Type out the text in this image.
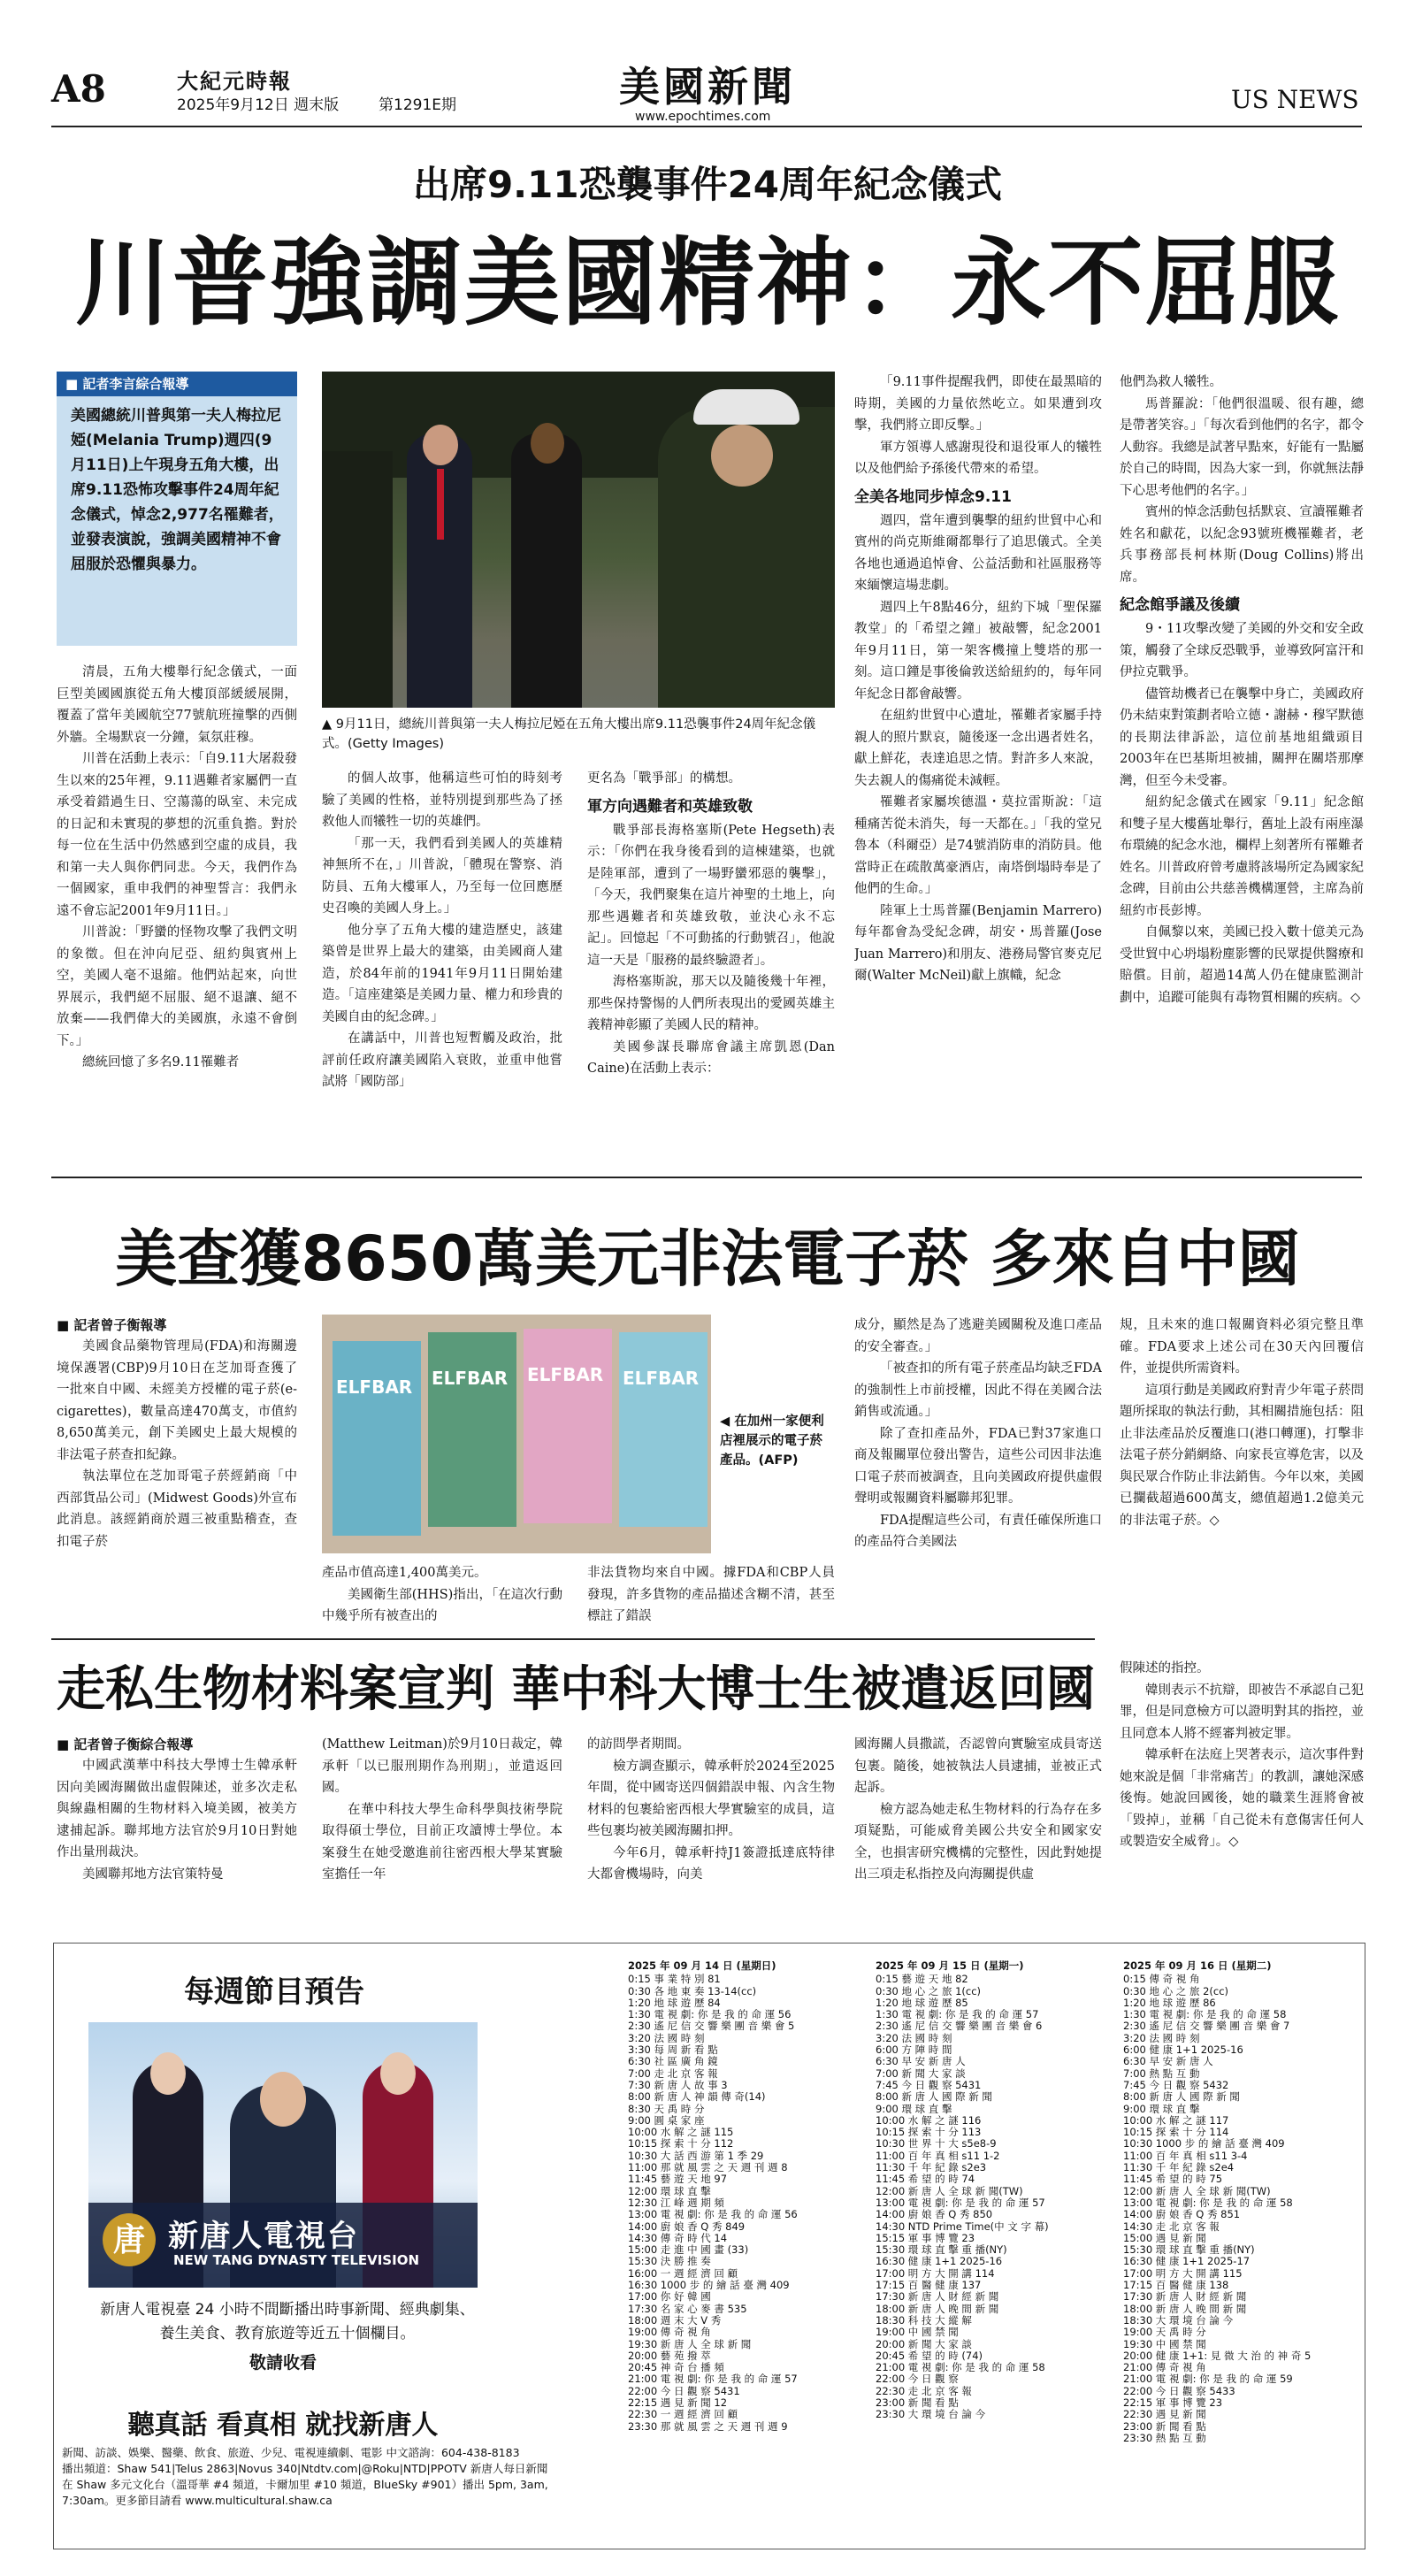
A8	大紀元時報
2025年9月12日 週末版	第1291E期	美國新聞
www.epochtimes.com
US NEWS
出席9.11恐襲事件24周年紀念儀式
川普強調美國精神：永不屈服
■ 記者李言綜合報導
美國總統川普與第一夫人梅拉尼婭(Melania Trump)週四(9月11日)上午現身五角大樓，出席9.11恐怖攻擊事件24周年紀念儀式，悼念2,977名罹難者，並發表演說，強調美國精神不會屈服於恐懼與暴力。
▲ 9月11日，總統川普與第一夫人梅拉尼婭在五角大樓出席9.11恐襲事件24周年紀念儀式。(Getty Images)

清晨，五角大樓舉行紀念儀式，一面巨型美國國旗從五角大樓頂部緩緩展開，覆蓋了當年美國航空77號航班撞擊的西側外牆。全場默哀一分鐘，氣氛莊穆。

川普在活動上表示：「自9.11大屠殺發生以來的25年裡，9.11遇難者家屬們一直承受着錯過生日、空蕩蕩的臥室、未完成的日記和未實現的夢想的沉重負擔。對於每一位在生活中仍然感到空虛的成員，我和第一夫人與你們同悲。今天，我們作為一個國家，重申我們的神聖誓言：我們永遠不會忘記2001年9月11日。」

川普說：「野蠻的怪物攻擊了我們文明的象徵。但在沖向尼亞、紐約與賓州上空，美國人毫不退縮。他們站起來，向世界展示，我們絕不屈服、絕不退讓、絕不放棄——我們偉大的美國旗，永遠不會倒下。」

總統回憶了多名9.11罹難者

的個人故事，他稱這些可怕的時刻考驗了美國的性格，並特別提到那些為了拯救他人而犧牲一切的英雄們。

「那一天，我們看到美國人的英雄精神無所不在，」川普說，「體現在警察、消防員、五角大樓軍人，乃至每一位回應歷史召喚的美國人身上。」

他分享了五角大樓的建造歷史，該建築曾是世界上最大的建築，由美國商人建造，於84年前的1941年9月11日開始建造。「這座建築是美國力量、權力和珍貴的美國自由的紀念碑。」

在講話中，川普也短暫觸及政治，批評前任政府讓美國陷入衰敗，並重申他嘗試將「國防部」

更名為「戰爭部」的構想。

軍方向遇難者和英雄致敬

戰爭部長海格塞斯(Pete Hegseth)表示：「你們在我身後看到的這棟建築，也就是陸軍部，遭到了一場野蠻邪惡的襲擊」，「今天，我們聚集在這片神聖的土地上，向那些遇難者和英雄致敬，並決心永不忘記」。回憶起「不可動搖的行動號召」，他說這一天是「服務的最終驗證者」。

海格塞斯說，那天以及隨後幾十年裡，那些保持警惕的人們所表現出的愛國英雄主義精神彰顯了美國人民的精神。

美國參謀長聯席會議主席凱恩(Dan Caine)在活動上表示：

「9.11事件提醒我們，即使在最黑暗的時期，美國的力量依然屹立。如果遭到攻擊，我們將立即反擊。」

軍方領導人感謝現役和退役軍人的犧牲以及他們給予孫後代帶來的希望。

全美各地同步悼念9.11

週四，當年遭到襲擊的紐約世貿中心和賓州的尚克斯維爾都舉行了追思儀式。全美各地也通過追悼會、公益活動和社區服務等來緬懷這場悲劇。

週四上午8點46分，紐約下城「聖保羅教堂」的「希望之鐘」被敲響，紀念2001年9月11日，第一架客機撞上雙塔的那一刻。這口鐘是事後倫敦送給紐約的，每年同年紀念日都會敲響。

在紐約世貿中心遺址，罹難者家屬手持親人的照片默哀，隨後逐一念出遇者姓名，獻上鮮花，表達追思之情。對許多人來說，失去親人的傷痛從未減輕。

罹難者家屬埃德溫・莫拉雷斯說：「這種痛苦從未消失，每一天都在。」「我的堂兄魯本（科爾亞）是74號消防車的消防員。他當時正在疏散萬豪酒店，南塔倒塌時奉是了他們的生命。」

陸軍上士馬普羅(Benjamin Marrero)每年都會為受紀念碑，胡安・馬普羅(Jose Juan Marrero)和朋友、港務局警官麥克尼爾(Walter McNeil)獻上旗幟，紀念

他們為救人犧牲。

馬普羅說：「他們很溫暖、很有趣，總是帶著笑容。」「每次看到他們的名字，都令人動容。我總是試著早點來，好能有一點屬於自己的時間，因為大家一到，你就無法靜下心思考他們的名字。」

賓州的悼念活動包括默哀、宣讀罹難者姓名和獻花，以紀念93號班機罹難者，老兵事務部長柯林斯(Doug Collins)將出席。

紀念館爭議及後續

9・11攻擊改變了美國的外交和安全政策，觸發了全球反恐戰爭，並導致阿富汗和伊拉克戰爭。

儘管劫機者已在襲擊中身亡，美國政府仍未結束對策劃者哈立德・謝赫・穆罕默德的長期法律訴訟，這位前基地組織頭目2003年在巴基斯坦被捕，關押在關塔那摩灣，但至今未受審。

紐約紀念儀式在國家「9.11」紀念館和雙子星大樓舊址舉行，舊址上設有兩座瀑布環繞的紀念水池，欄桿上刻著所有罹難者姓名。川普政府曾考慮將該場所定為國家紀念碑，目前由公共慈善機構運營，主席為前紐約市長彭博。

自佩黎以來，美國已投入數十億美元為受世貿中心坍塌粉塵影響的民眾提供醫療和賠償。目前，超過14萬人仍在健康監測計劃中，追蹤可能與有毒物質相關的疾病。◇

美查獲8650萬美元非法電子菸 多來自中國
■ 記者曾子衡報導

美國食品藥物管理局(FDA)和海關邊境保護署(CBP)9月10日在芝加哥查獲了一批來自中國、未經美方授權的電子菸(e-cigarettes)，數量高達470萬支，市值約8,650萬美元，創下美國史上最大規模的非法電子菸查扣紀錄。

執法單位在芝加哥電子菸經銷商「中西部貨品公司」(Midwest Goods)外宣布此消息。該經銷商於週三被重點稽查，查扣電子菸

ELFBAR	ELFBAR	ELFBAR	ELFBAR
◀ 在加州一家便利店裡展示的電子菸產品。(AFP)

產品市值高達1,400萬美元。

美國衛生部(HHS)指出，「在這次行動中幾乎所有被查出的

非法貨物均來自中國。據FDA和CBP人員發現，許多貨物的產品描述含糊不清，甚至標註了錯誤

成分，顯然是為了逃避美國關稅及進口產品的安全審查。」

「被查扣的所有電子菸產品均缺乏FDA的強制性上市前授權，因此不得在美國合法銷售或流通。」

除了查扣產品外，FDA已對37家進口商及報關單位發出警告，這些公司因非法進口電子菸而被調查，且向美國政府提供虛假聲明或報關資料屬聯邦犯罪。

FDA提醒這些公司，有責任確保所進口的產品符合美國法

規，且未來的進口報關資料必須完整且準確。FDA要求上述公司在30天內回覆信件，並提供所需資料。

這項行動是美國政府對青少年電子菸問題所採取的執法行動，其相關措施包括：阻止非法產品於反覆進口(港口轉運)，打擊非法電子菸分銷網絡、向家長宣導危害，以及與民眾合作防止非法銷售。今年以來，美國已攔截超過600萬支，總值超過1.2億美元的非法電子菸。◇

走私生物材料案宣判 華中科大博士生被遣返回國
■ 記者曾子衡綜合報導

中國武漢華中科技大學博士生韓承軒因向美國海關做出虛假陳述，並多次走私與線蟲相關的生物材料入境美國，被美方逮捕起訴。聯邦地方法官於9月10日對她作出量刑裁決。

美國聯邦地方法官策特曼

(Matthew Leitman)於9月10日裁定，韓承軒「以已服刑期作為刑期」，並遣返回國。

在華中科技大學生命科學與技術學院取得碩士學位，目前正攻讀博士學位。本案發生在她受邀進前往密西根大學某實驗室擔任一年

的訪問學者期間。

檢方調查顯示，韓承軒於2024至2025年間，從中國寄送四個錯誤申報、內含生物材料的包裹給密西根大學實驗室的成員，這些包裹均被美國海關扣押。

今年6月，韓承軒持J1簽證抵達底特律大都會機場時，向美

國海關人員撒謊，否認曾向實驗室成員寄送包裹。隨後，她被執法人員逮捕，並被正式起訴。

檢方認為她走私生物材料的行為存在多項疑點，可能威脅美國公共安全和國家安全，也損害研究機構的完整性，因此對她提出三項走私指控及向海關提供虛

假陳述的指控。

韓則表示不抗辯，即被告不承認自己犯罪，但是同意檢方可以證明對其的指控，並且同意本人將不經審判被定罪。

韓承軒在法庭上哭著表示，這次事件對她來說是個「非常痛苦」的教訓，讓她深感後悔。她說回國後，她的職業生涯將會被「毀掉」，並稱「自己從未有意傷害任何人或製造安全威脅」。◇

每週節目預告
唐 新唐人電視台
NEW TANG DYNASTY TELEVISION
新唐人電視臺 24 小時不間斷播出時事新聞、經典劇集、養生美食、教育旅遊等近五十個欄目。
敬請收看
聽真話 看真相 就找新唐人
新聞、訪談、娛樂、醫藥、飲食、旅遊、少兒、電視連續劇、電影 中文諮詢：604-438-8183
播出頻道：Shaw 541|Telus 2863|Novus 340|Ntdtv.com|@Roku|NTD|PPOTV 新唐人每日新聞
在 Shaw 多元文化台（溫哥華 #4 頻道，卡爾加里 #10 頻道，BlueSky #901）播出 5pm, 3am,
7:30am。更多節目請看 www.multicultural.shaw.ca
2025 年 09 月 14 日 (星期日)
0:15 事 業 特 別 81
0:30 各 地 東 奏 13-14(cc)
1:20 地 球 遊 歷 84
1:30 電 視 劇: 你 是 我 的 命 運 56
2:30 遙 尼 信 交 響 樂 團 音 樂 會 5
3:20 法 國 時 刻
3:30 每 周 新 看 點
6:30 社 區 廣 角 鏡
7:00 走 北 京 客 報
7:30 新 唐 人 故 事 3
8:00 新 唐 人 神 韻 傳 奇(14)
8:30 天 禹 時 分
9:00 圓 桌 家 座
10:00 水 解 之 謎 115
10:15 探 索 十 分 112
10:30 大 話 西 游 第 1 季 29
11:00 那 就 風 雲 之 天 週 刊 週 8
11:45 藝 遊 天 地 97
12:00 環 球 直 擊
12:30 江 峰 週 期 頻
13:00 電 視 劇: 你 是 我 的 命 運 56
14:00 廚 娘 香 Q 秀 849
14:30 傳 奇 時 代 14
15:00 走 進 中 國 畫 (33)
15:30 決 勝 推 奏
16:00 一 週 經 濟 回 顧
16:30 1000 步 的 繪 話 臺 灣 409
17:00 你 好 韓 國
17:30 名 家 心 麥 書 535
18:00 週 末 大 V 秀
19:00 傳 奇 視 角
19:30 新 唐 人 全 球 新 聞
20:00 藝 苑 撥 萃
20:45 神 奇 台 播 頻
21:00 電 視 劇: 你 是 我 的 命 運 57
22:00 今 日 觀 察 5431
22:15 遇 見 新 聞 12
22:30 一 週 經 濟 回 顧
23:30 那 就 風 雲 之 天 週 刊 週 9
2025 年 09 月 15 日 (星期一)
0:15 藝 遊 天 地 82
0:30 地 心 之 旅 1(cc)
1:20 地 球 遊 歷 85
1:30 電 視 劇: 你 是 我 的 命 運 57
2:30 遙 尼 信 交 響 樂 團 音 樂 會 6
3:20 法 國 時 刻
6:00 方 陣 時 間
6:30 早 安 新 唐 人
7:00 新 聞 大 家 談
7:45 今 日 觀 察 5431
8:00 新 唐 人 國 際 新 聞
9:00 環 球 直 擊
10:00 水 解 之 謎 116
10:15 探 索 十 分 113
10:30 世 界 十 大 s5e8-9
11:00 百 年 真 相 s11 1-2
11:30 千 年 紀 錄 s2e3
11:45 希 望 的 時 74
12:00 新 唐 人 全 球 新 聞(TW)
13:00 電 視 劇: 你 是 我 的 命 運 57
14:00 廚 娘 香 Q 秀 850
14:30 NTD Prime Time(中 文 字 幕)
15:15 軍 事 博 覽 23
15:30 環 球 直 擊 重 播(NY)
16:30 健 康 1+1 2025-16
17:00 明 方 大 開 講 114
17:15 百 醫 健 康 137
17:30 新 唐 人 財 經 新 聞
18:00 新 唐 人 晚 間 新 聞
18:30 科 技 大 縱 解
19:00 中 國 禁 聞
20:00 新 聞 大 家 談
20:45 希 望 的 時 (74)
21:00 電 視 劇: 你 是 我 的 命 運 58
22:00 今 日 觀 察
22:30 走 北 京 客 報
23:00 新 聞 看 點
23:30 大 環 境 台 論 今
2025 年 09 月 16 日 (星期二)
0:15 傳 奇 視 角
0:30 地 心 之 旅 2(cc)
1:20 地 球 遊 歷 86
1:30 電 視 劇: 你 是 我 的 命 運 58
2:30 遙 尼 信 交 響 樂 團 音 樂 會 7
3:20 法 國 時 刻
6:00 健 康 1+1 2025-16
6:30 早 安 新 唐 人
7:00 熱 點 互 動
7:45 今 日 觀 察 5432
8:00 新 唐 人 國 際 新 聞
9:00 環 球 直 擊
10:00 水 解 之 謎 117
10:15 探 索 十 分 114
10:30 1000 步 的 繪 話 臺 灣 409
11:00 百 年 真 相 s11 3-4
11:30 千 年 紀 錄 s2e4
11:45 希 望 的 時 75
12:00 新 唐 人 全 球 新 聞(TW)
13:00 電 視 劇: 你 是 我 的 命 運 58
14:00 廚 娘 香 Q 秀 851
14:30 走 北 京 客 報
15:00 遇 見 新 聞
15:30 環 球 直 擊 重 播(NY)
16:30 健 康 1+1 2025-17
17:00 明 方 大 開 講 115
17:15 百 醫 健 康 138
17:30 新 唐 人 財 經 新 聞
18:00 新 唐 人 晚 間 新 聞
18:30 大 環 境 台 論 今
19:00 天 禹 時 分
19:30 中 國 禁 聞
20:00 健 康 1+1: 見 微 大 治 的 神 奇 5
21:00 傳 奇 視 角
21:00 電 視 劇: 你 是 我 的 命 運 59
22:00 今 日 觀 察 5433
22:15 軍 事 博 覽 23
22:30 遇 見 新 聞
23:00 新 聞 看 點
23:30 熱 點 互 動
